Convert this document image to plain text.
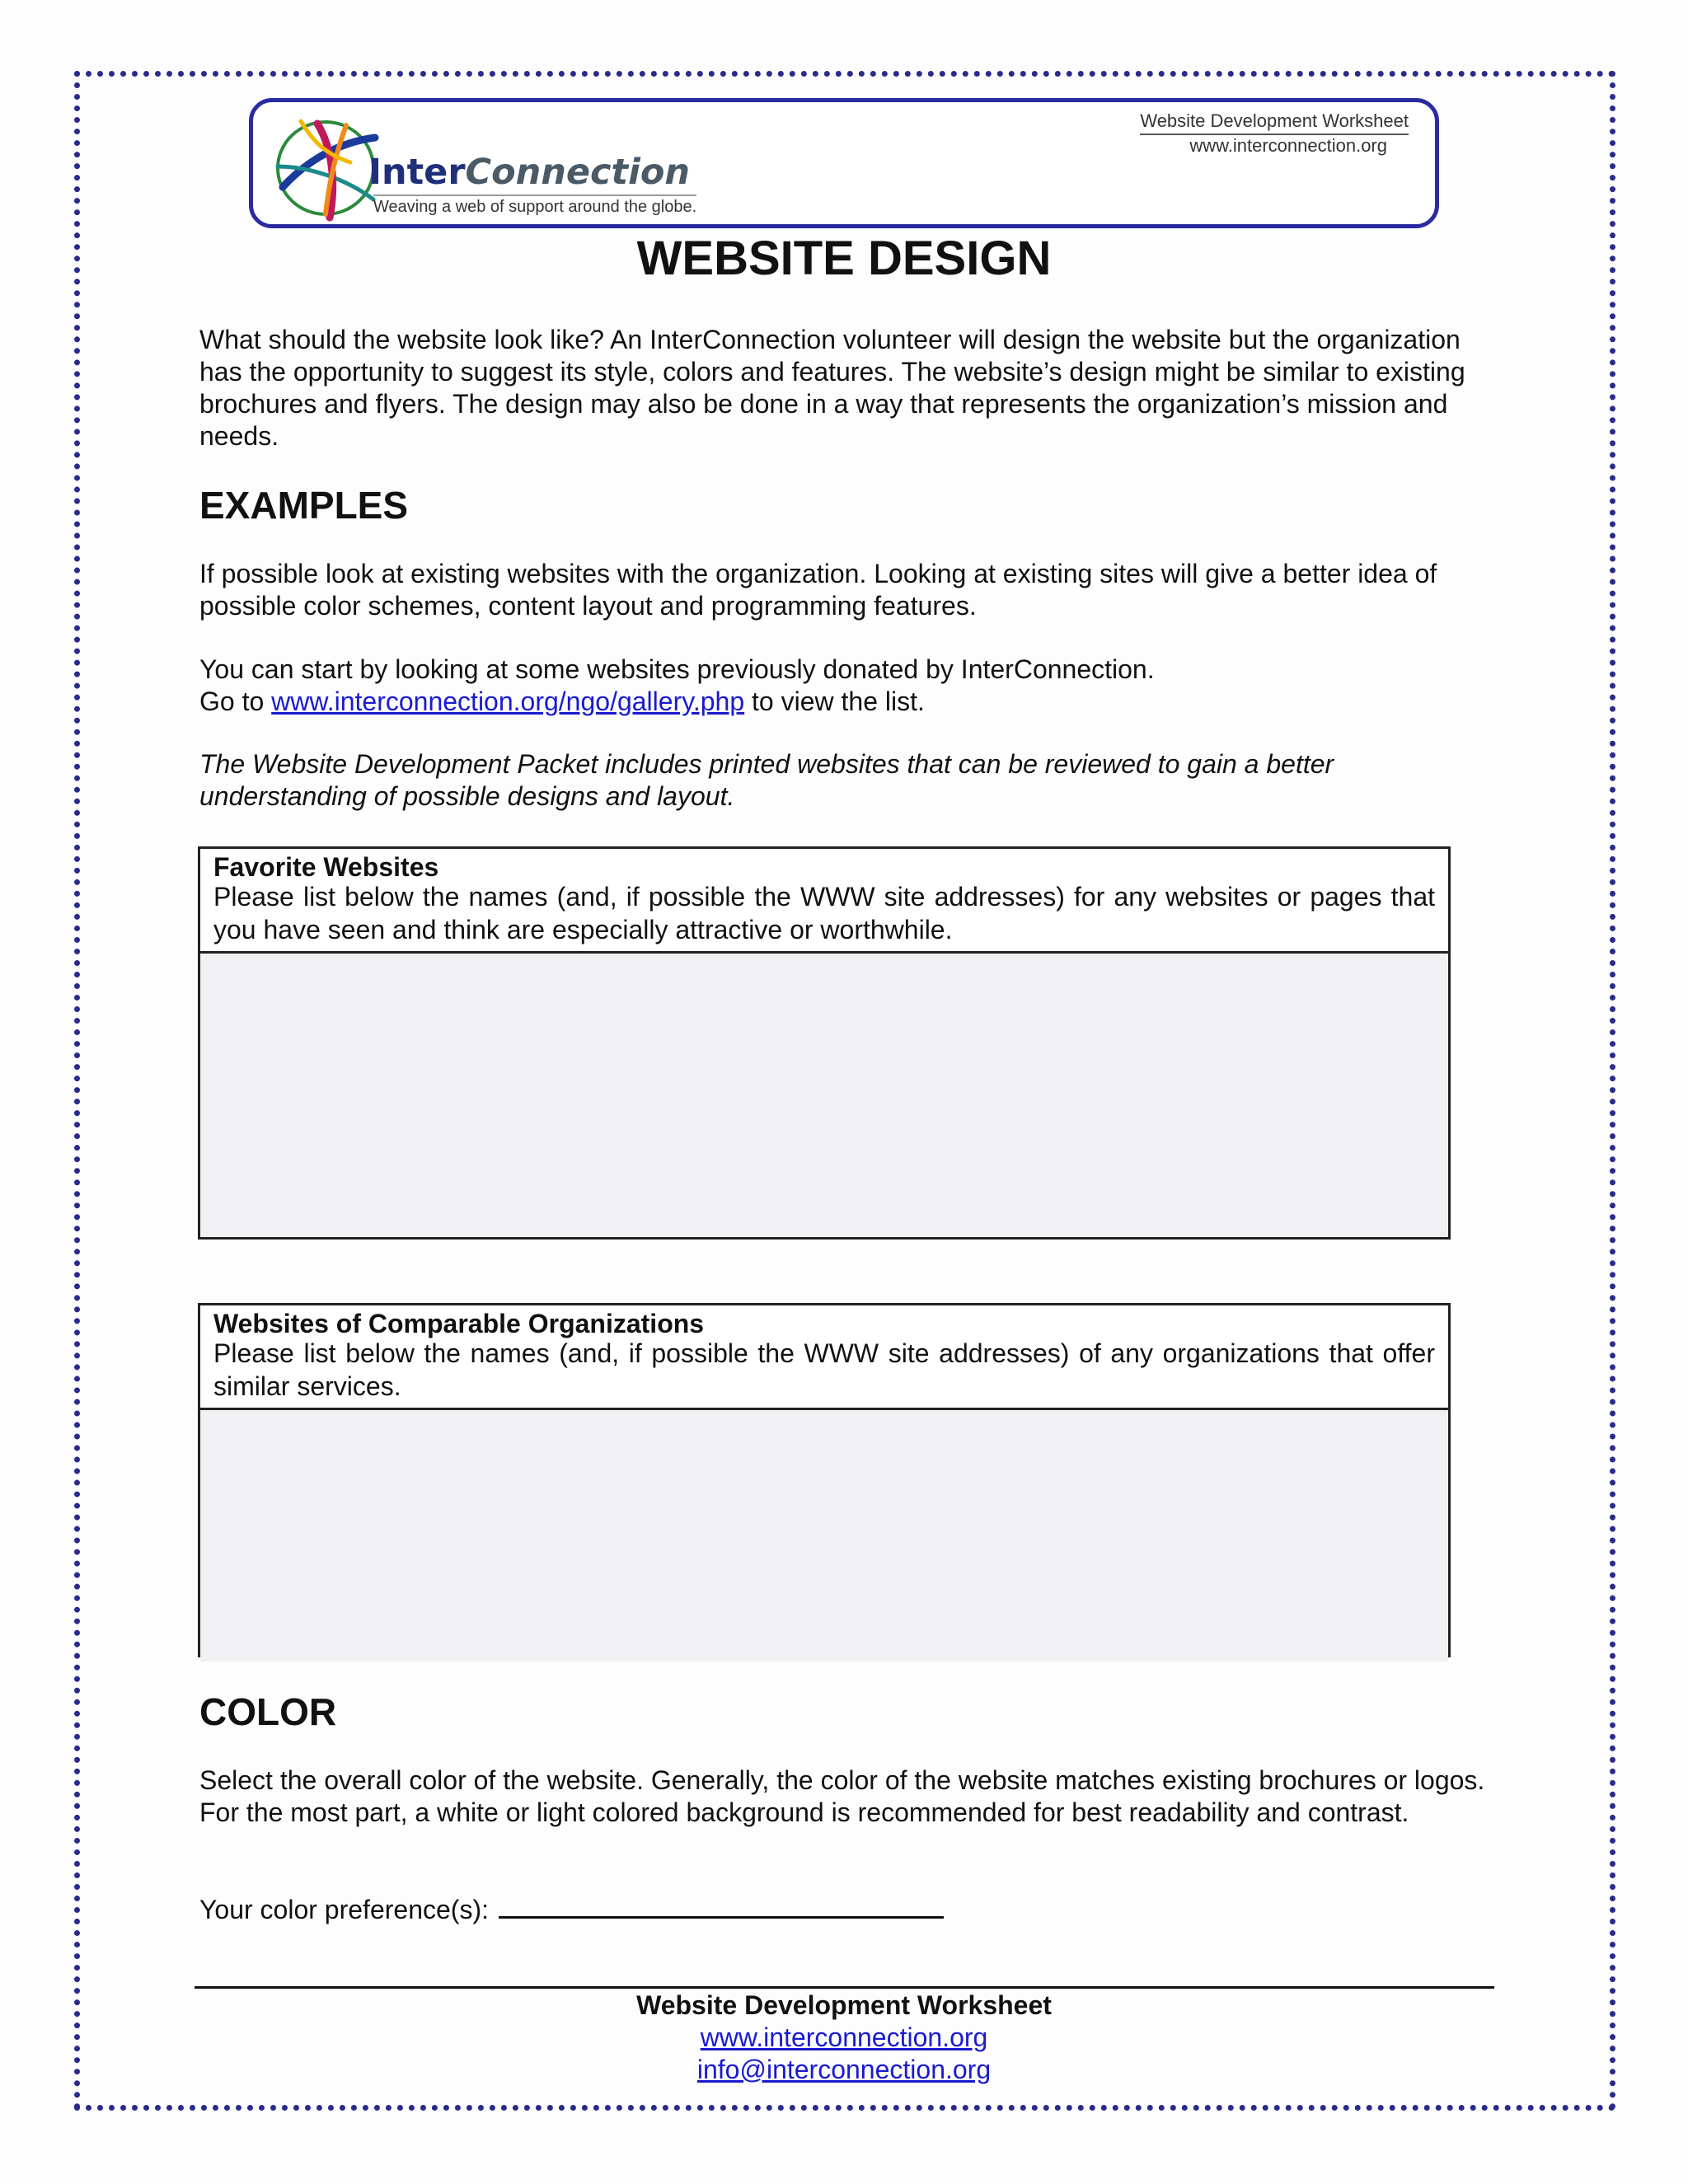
InterConnection
Weaving a web of support around the globe.
Website Development Worksheet
www.interconnection.org
WEBSITE DESIGN

What should the website look like? An InterConnection volunteer will design the website but the organization has the opportunity to suggest its style, colors and features. The website’s design might be similar to existing brochures and flyers. The design may also be done in a way that represents the organization’s mission and needs.

EXAMPLES

If possible look at existing websites with the organization. Looking at existing sites will give a better idea of possible color schemes, content layout and programming features.

You can start by looking at some websites previously donated by InterConnection.

Go to www.interconnection.org/ngo/gallery.php to view the list.

The Website Development Packet includes printed websites that can be reviewed to gain a better understanding of possible designs and layout.

Favorite Websites
Please list below the names (and, if possible the WWW site addresses) for any websites or pages that you have seen and think are especially attractive or worthwhile.
Websites of Comparable Organizations
Please list below the names (and, if possible the WWW site addresses) of any organizations that offer similar services.
COLOR

Select the overall color of the website. Generally, the color of the website matches existing brochures or logos. For the most part, a white or light colored background is recommended for best readability and contrast.

Your color preference(s):
Website Development Worksheet
www.interconnection.org
info@interconnection.org
